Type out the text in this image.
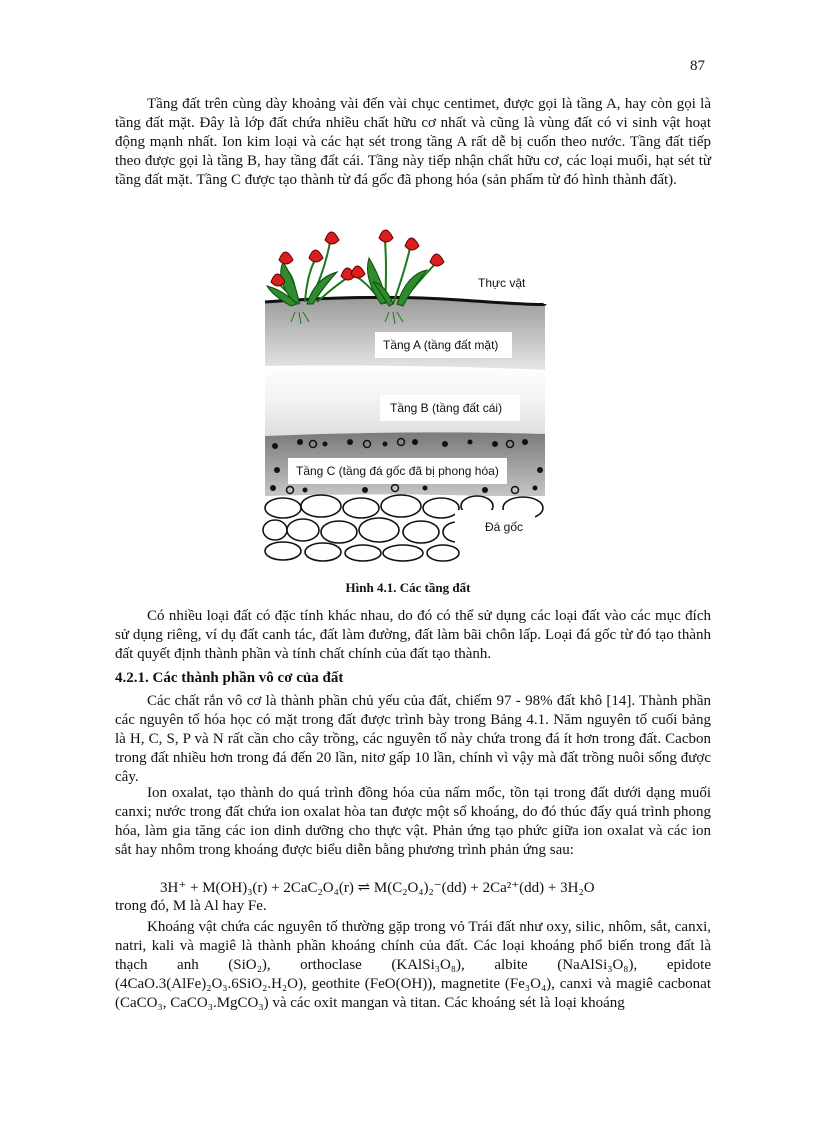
87

Tầng đất trên cùng dày khoảng vài đến vài chục centimet, được gọi là tầng A, hay còn gọi là tầng đất mặt. Đây là lớp đất chứa nhiều chất hữu cơ nhất và cũng là vùng đất có vi sinh vật hoạt động mạnh nhất. Ion kim loại và các hạt sét trong tầng A rất dễ bị cuốn theo nước. Tầng đất tiếp theo được gọi là tầng B, hay tầng đất cái. Tầng này tiếp nhận chất hữu cơ, các loại muối, hạt sét từ tầng đất mặt. Tầng C được tạo thành từ đá gốc đã phong hóa (sản phẩm từ đó hình thành đất).

Thực vật
Tầng A (tầng đất mặt)
Tầng B (tầng đất cái)
Tầng C (tầng đá gốc đã bị phong hóa)
Đá gốc
Hình 4.1. Các tầng đất

Có nhiều loại đất có đặc tính khác nhau, do đó có thể sử dụng các loại đất vào các mục đích sử dụng riêng, ví dụ đất canh tác, đất làm đường, đất làm bãi chôn lấp. Loại đá gốc từ đó tạo thành đất quyết định thành phần và tính chất chính của đất tạo thành.

4.2.1. Các thành phần vô cơ của đất

Các chất rắn vô cơ là thành phần chủ yếu của đất, chiếm 97 - 98% đất khô [14]. Thành phần các nguyên tố hóa học có mặt trong đất được trình bày trong Bảng 4.1. Năm nguyên tố cuối bảng là H, C, S, P và N rất cần cho cây trồng, các nguyên tố này chứa trong đá ít hơn trong đất. Cacbon trong đất nhiều hơn trong đá đến 20 lần, nitơ gấp 10 lần, chính vì vậy mà đất trồng nuôi sống được cây.

Ion oxalat, tạo thành do quá trình đồng hóa của nấm mốc, tồn tại trong đất dưới dạng muối canxi; nước trong đất chứa ion oxalat hòa tan được một số khoáng, do đó thúc đẩy quá trình phong hóa, làm gia tăng các ion dinh dưỡng cho thực vật. Phản ứng tạo phức giữa ion oxalat và các ion sắt hay nhôm trong khoáng được biểu diễn bằng phương trình phản ứng sau:

3H⁺ + M(OH)₃(r) + 2CaC₂O₄(r) ⇌ M(C₂O₄)₂⁻(dd) + 2Ca²⁺(dd) + 3H₂O
trong đó, M là Al hay Fe.

Khoáng vật chứa các nguyên tố thường gặp trong vỏ Trái đất như oxy, silic, nhôm, sắt, canxi, natri, kali và magiê là thành phần khoáng chính của đất. Các loại khoáng phổ biến trong đất là thạch anh (SiO₂), orthoclase (KAlSi₃O₈), albite (NaAlSi₃O₈), epidote (4CaO.3(AlFe)₂O₃.6SiO₂.H₂O), geothite (FeO(OH)), magnetite (Fe₃O₄), canxi và magiê cacbonat (CaCO₃, CaCO₃.MgCO₃) và các oxit mangan và titan. Các khoáng sét là loại khoáng
